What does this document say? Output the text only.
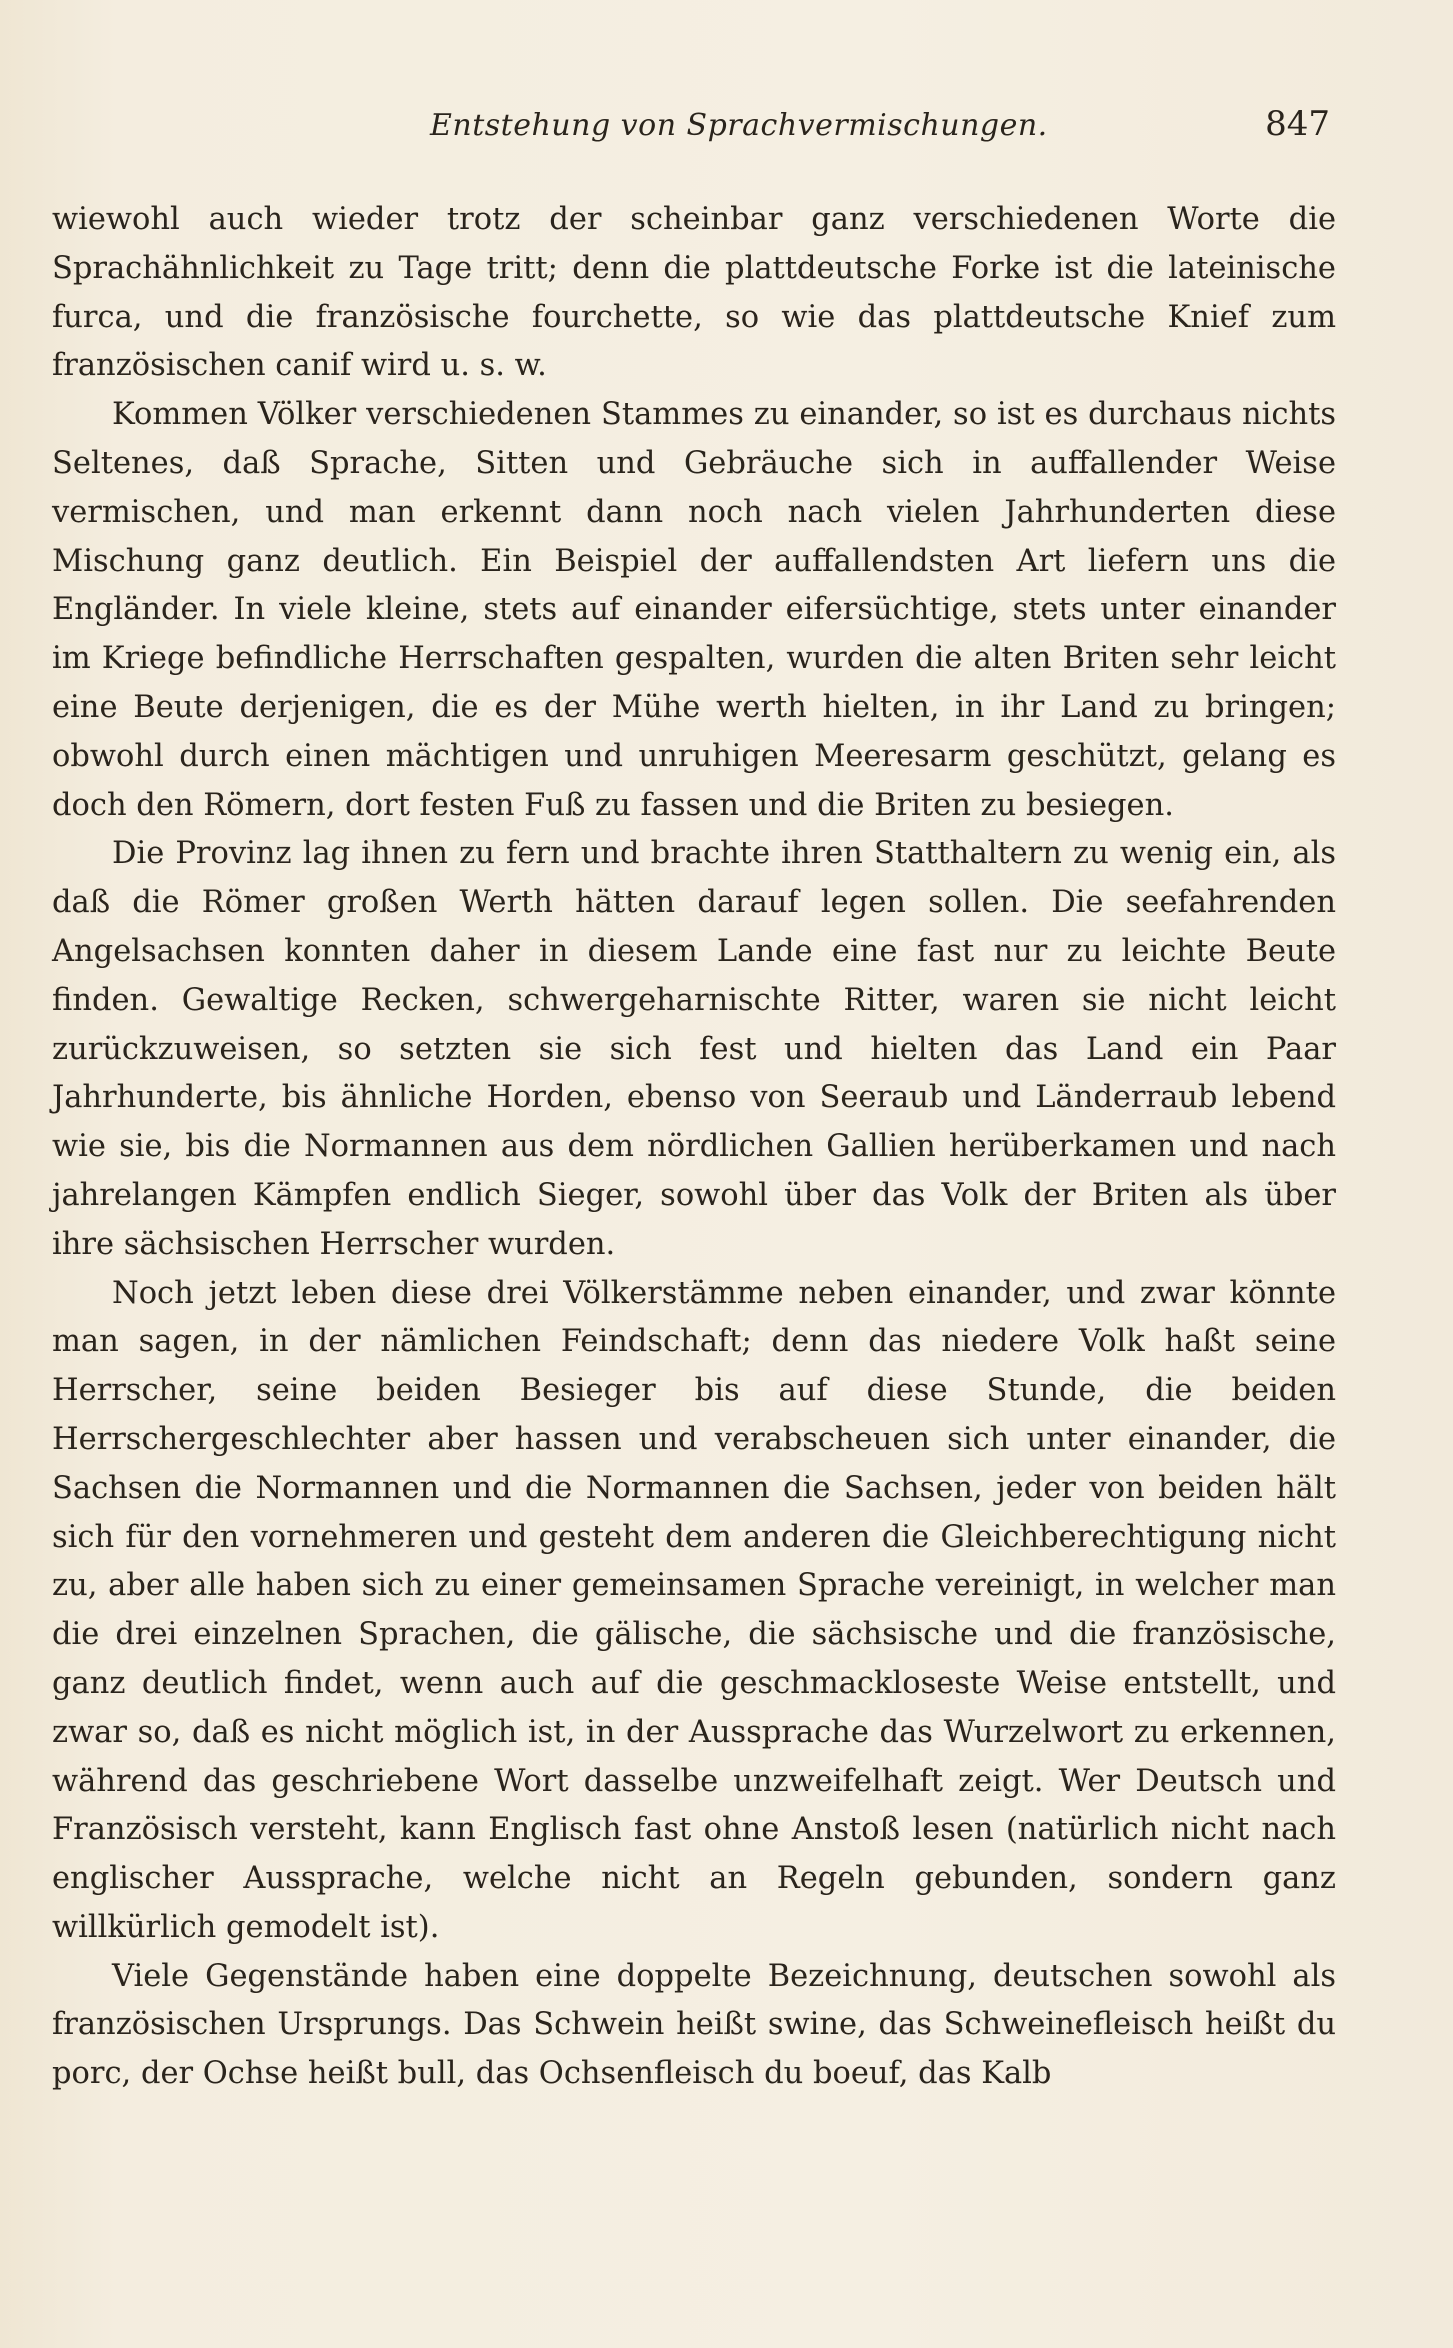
Entstehung von Sprachvermischungen.	847

wiewohl auch wieder trotz der scheinbar ganz verschiedenen Worte die Sprachähnlichkeit zu Tage tritt; denn die plattdeutsche Forke ist die lateinische furca, und die französische fourchette, so wie das plattdeutsche Knief zum französischen canif wird u. s. w.

Kommen Völker verschiedenen Stammes zu einander, so ist es durchaus nichts Seltenes, daß Sprache, Sitten und Gebräuche sich in auffallender Weise vermischen, und man erkennt dann noch nach vielen Jahrhunderten diese Mischung ganz deutlich. Ein Beispiel der auffallendsten Art liefern uns die Engländer. In viele kleine, stets auf einander eifersüchtige, stets unter einander im Kriege befindliche Herrschaften gespalten, wurden die alten Briten sehr leicht eine Beute derjenigen, die es der Mühe werth hielten, in ihr Land zu bringen; obwohl durch einen mächtigen und unruhigen Meeresarm geschützt, gelang es doch den Römern, dort festen Fuß zu fassen und die Briten zu besiegen.

Die Provinz lag ihnen zu fern und brachte ihren Statthaltern zu wenig ein, als daß die Römer großen Werth hätten darauf legen sollen. Die seefahrenden Angelsachsen konnten daher in diesem Lande eine fast nur zu leichte Beute finden. Gewaltige Recken, schwergeharnischte Ritter, waren sie nicht leicht zurückzuweisen, so setzten sie sich fest und hielten das Land ein Paar Jahrhunderte, bis ähnliche Horden, ebenso von Seeraub und Länderraub lebend wie sie, bis die Normannen aus dem nördlichen Gallien herüberkamen und nach jahrelangen Kämpfen endlich Sieger, sowohl über das Volk der Briten als über ihre sächsischen Herrscher wurden.

Noch jetzt leben diese drei Völkerstämme neben einander, und zwar könnte man sagen, in der nämlichen Feindschaft; denn das niedere Volk haßt seine Herrscher, seine beiden Besieger bis auf diese Stunde, die beiden Herrschergeschlechter aber hassen und verabscheuen sich unter einander, die Sachsen die Normannen und die Normannen die Sachsen, jeder von beiden hält sich für den vornehmeren und gesteht dem anderen die Gleichberechtigung nicht zu, aber alle haben sich zu einer gemeinsamen Sprache vereinigt, in welcher man die drei einzelnen Sprachen, die gälische, die sächsische und die französische, ganz deutlich findet, wenn auch auf die geschmackloseste Weise entstellt, und zwar so, daß es nicht möglich ist, in der Aussprache das Wurzelwort zu erkennen, während das geschriebene Wort dasselbe unzweifelhaft zeigt. Wer Deutsch und Französisch versteht, kann Englisch fast ohne Anstoß lesen (natürlich nicht nach englischer Aussprache, welche nicht an Regeln gebunden, sondern ganz willkürlich gemodelt ist).

Viele Gegenstände haben eine doppelte Bezeichnung, deutschen sowohl als französischen Ursprungs. Das Schwein heißt swine, das Schweinefleisch heißt du porc, der Ochse heißt bull, das Ochsenfleisch du boeuf, das Kalb
